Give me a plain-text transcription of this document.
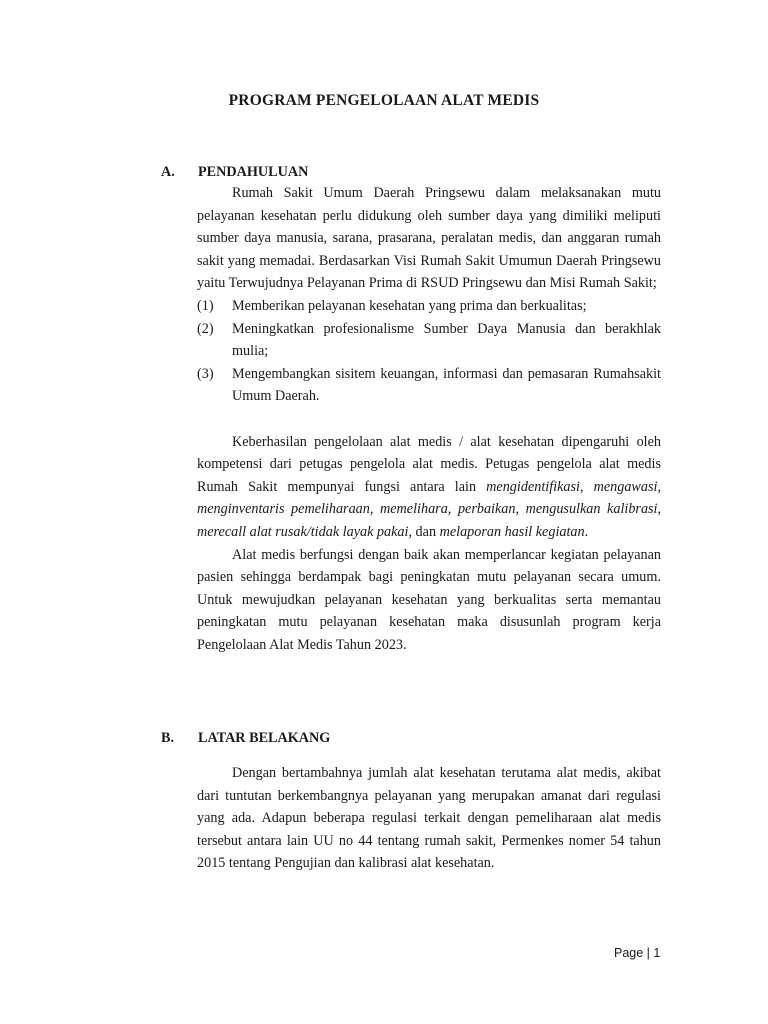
PROGRAM PENGELOLAAN ALAT MEDIS
A. PENDAHULUAN

Rumah Sakit Umum Daerah Pringsewu dalam melaksanakan mutu pelayanan kesehatan perlu didukung oleh sumber daya yang dimiliki meliputi sumber daya manusia, sarana, prasarana, peralatan medis, dan anggaran rumah sakit yang memadai. Berdasarkan Visi Rumah Sakit Umumun Daerah Pringsewu yaitu Terwujudnya Pelayanan Prima di RSUD Pringsewu dan Misi Rumah Sakit;

(1)	Memberikan pelayanan kesehatan yang prima dan berkualitas;
(2)	Meningkatkan profesionalisme Sumber Daya Manusia dan berakhlak mulia;
(3)	Mengembangkan sisitem keuangan, informasi dan pemasaran Rumahsakit Umum Daerah.

Keberhasilan pengelolaan alat medis / alat kesehatan dipengaruhi oleh kompetensi dari petugas pengelola alat medis. Petugas pengelola alat medis Rumah Sakit mempunyai fungsi antara lain mengidentifikasi, mengawasi, menginventaris pemeliharaan, memelihara, perbaikan, mengusulkan kalibrasi, merecall alat rusak/tidak layak pakai, dan melaporan hasil kegiatan.

Alat medis berfungsi dengan baik akan memperlancar kegiatan pelayanan pasien sehingga berdampak bagi peningkatan mutu pelayanan secara umum. Untuk mewujudkan pelayanan kesehatan yang berkualitas serta memantau peningkatan mutu pelayanan kesehatan maka disusunlah program kerja Pengelolaan Alat Medis Tahun 2023.

B. LATAR BELAKANG

Dengan bertambahnya jumlah alat kesehatan terutama alat medis, akibat dari tuntutan berkembangnya pelayanan yang merupakan amanat dari regulasi yang ada. Adapun beberapa regulasi terkait dengan pemeliharaan alat medis tersebut antara lain UU no 44 tentang rumah sakit, Permenkes nomer 54 tahun 2015 tentang Pengujian dan kalibrasi alat kesehatan.

Page | 1
